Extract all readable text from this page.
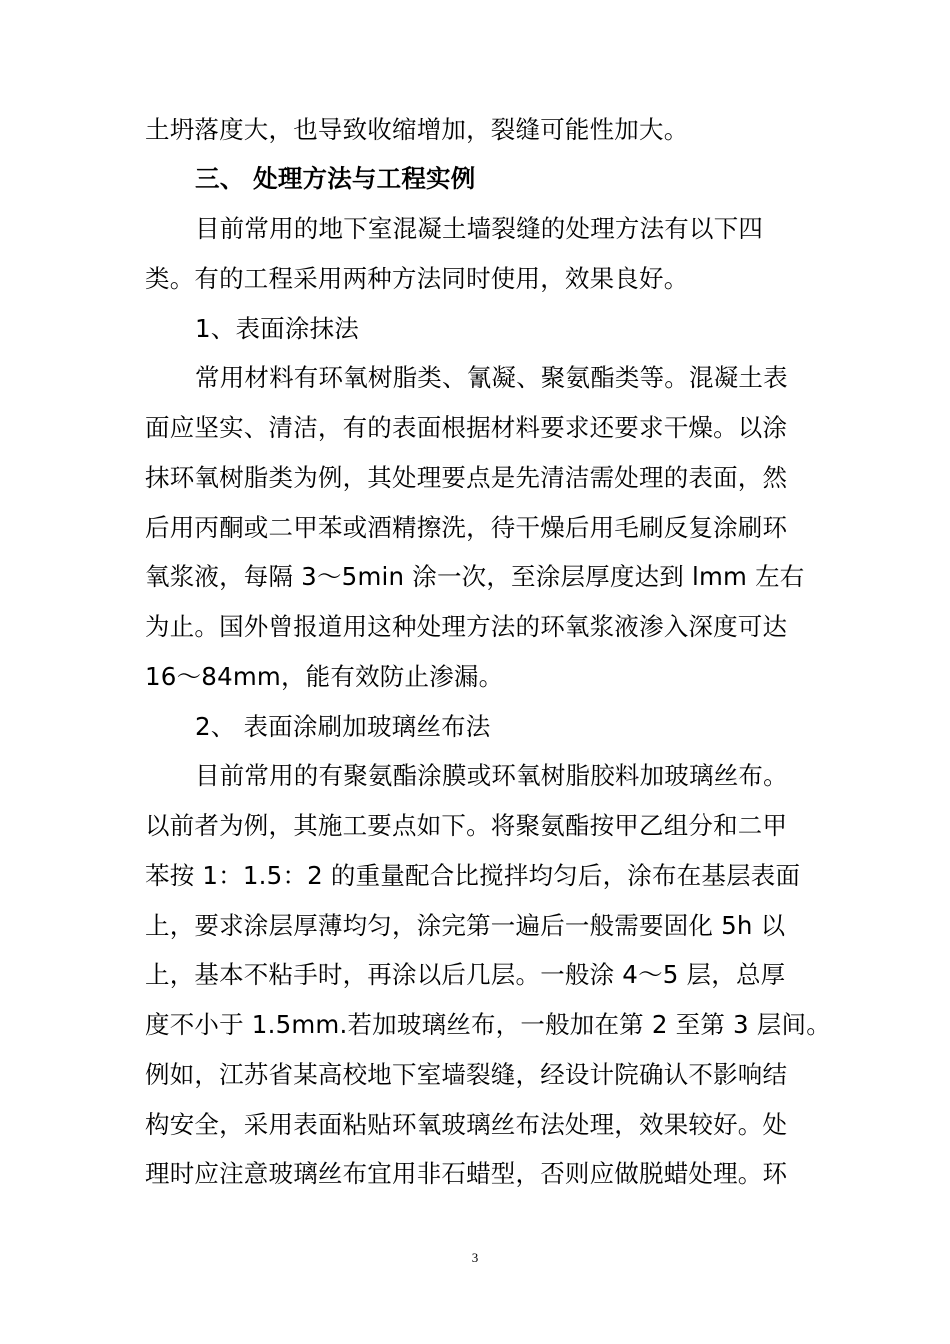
土坍落度大，也导致收缩增加，裂缝可能性加大。
三、 处理方法与工程实例
目前常用的地下室混凝土墙裂缝的处理方法有以下四
类。有的工程采用两种方法同时使用，效果良好。
1、表面涂抹法
常用材料有环氧树脂类、氰凝、聚氨酯类等。混凝土表
面应坚实、清洁，有的表面根据材料要求还要求干燥。以涂
抹环氧树脂类为例，其处理要点是先清洁需处理的表面，然
后用丙酮或二甲苯或酒精擦洗，待干燥后用毛刷反复涂刷环
氧浆液，每隔 3～5min 涂一次，至涂层厚度达到 lmm 左右
为止。国外曾报道用这种处理方法的环氧浆液渗入深度可达
16～84mm，能有效防止渗漏。
2、 表面涂刷加玻璃丝布法
目前常用的有聚氨酯涂膜或环氧树脂胶料加玻璃丝布。
以前者为例，其施工要点如下。将聚氨酯按甲乙组分和二甲
苯按 1：1.5：2 的重量配合比搅拌均匀后，涂布在基层表面
上，要求涂层厚薄均匀，涂完第一遍后一般需要固化 5h 以
上，基本不粘手时，再涂以后几层。一般涂 4～5 层，总厚
度不小于 1.5mm.若加玻璃丝布，一般加在第 2 至第 3 层间。
例如，江苏省某高校地下室墙裂缝，经设计院确认不影响结
构安全，采用表面粘贴环氧玻璃丝布法处理，效果较好。处
理时应注意玻璃丝布宜用非石蜡型，否则应做脱蜡处理。环
3
